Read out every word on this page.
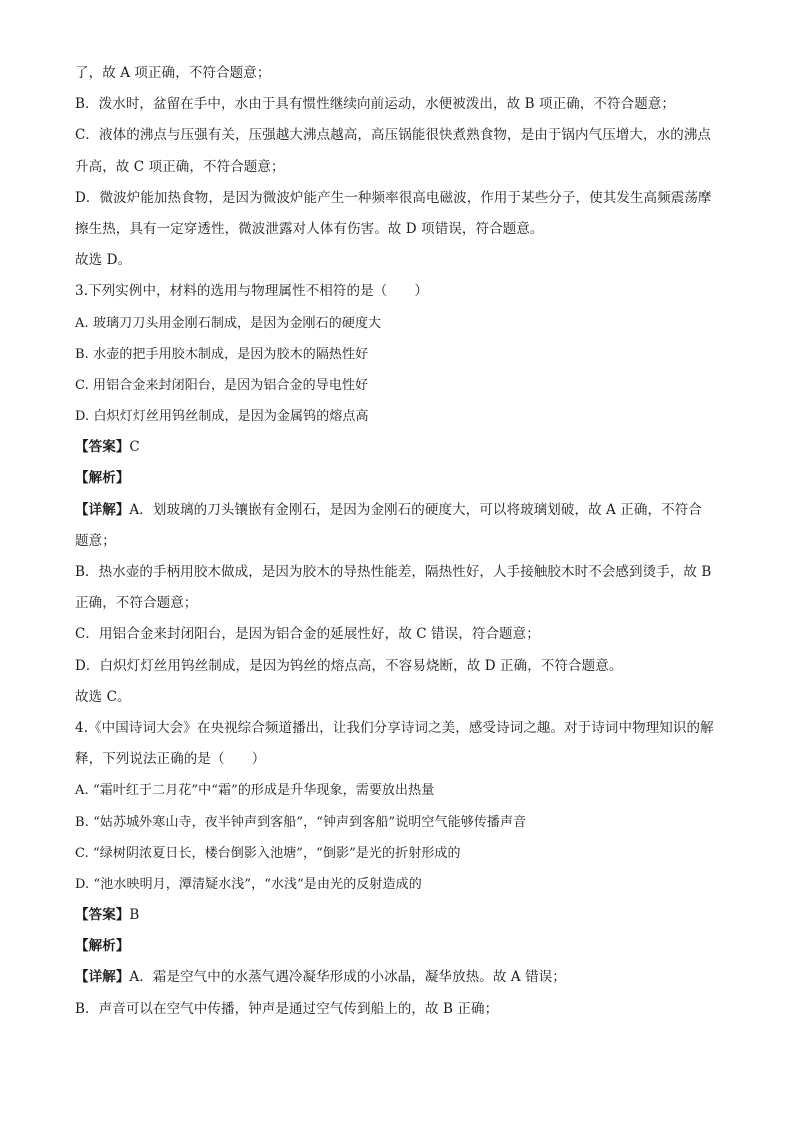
了，故 A 项正确，不符合题意；
B．泼水时，盆留在手中，水由于具有惯性继续向前运动，水便被泼出，故 B 项正确，不符合题意；
C．液体的沸点与压强有关，压强越大沸点越高，高压锅能很快煮熟食物，是由于锅内气压增大，水的沸点
升高，故 C 项正确，不符合题意；
D．微波炉能加热食物，是因为微波炉能产生一种频率很高电磁波，作用于某些分子，使其发生高频震荡摩
擦生热，具有一定穿透性，微波泄露对人体有伤害。故 D 项错误，符合题意。
故选 D。
3.下列实例中，材料的选用与物理属性不相符的是（　　）
A. 玻璃刀刀头用金刚石制成，是因为金刚石的硬度大
B. 水壶的把手用胶木制成，是因为胶木的隔热性好
C. 用铝合金来封闭阳台，是因为铝合金的导电性好
D. 白炽灯灯丝用钨丝制成，是因为金属钨的熔点高
【 答案 】 C
【 解析 】
【 详解 】 A．划玻璃的刀头镶嵌有金刚石，是因为金刚石的硬度大，可以将玻璃划破，故 A 正确，不符合
题意；
B．热水壶的手柄用胶木做成，是因为胶木的导热性能差，隔热性好，人手接触胶木时不会感到烫手，故 B
正确，不符合题意；
C．用铝合金来封闭阳台，是因为铝合金的延展性好，故 C 错误，符合题意；
D．白炽灯灯丝用钨丝制成，是因为钨丝的熔点高，不容易烧断，故 D 正确，不符合题意。
故选 C。
4.《中国诗词大会》在央视综合频道播出，让我们分享诗词之美，感受诗词之趣。对于诗词中物理知识的解
释，下列说法正确的是（　　）
A. “霜叶红于二月花”中“霜”的形成是升华现象，需要放出热量
B. “姑苏城外寒山寺，夜半钟声到客船”，“钟声到客船”说明空气能够传播声音
C. “绿树阴浓夏日长，楼台倒影入池塘”，“倒影”是光的折射形成的
D. “池水映明月，潭清疑水浅”，“水浅”是由光的反射造成的
【 答案 】 B
【 解析 】
【 详解 】 A．霜是空气中的水蒸气遇冷凝华形成的小冰晶，凝华放热。故 A 错误；
B．声音可以在空气中传播，钟声是通过空气传到船上的，故 B 正确；
